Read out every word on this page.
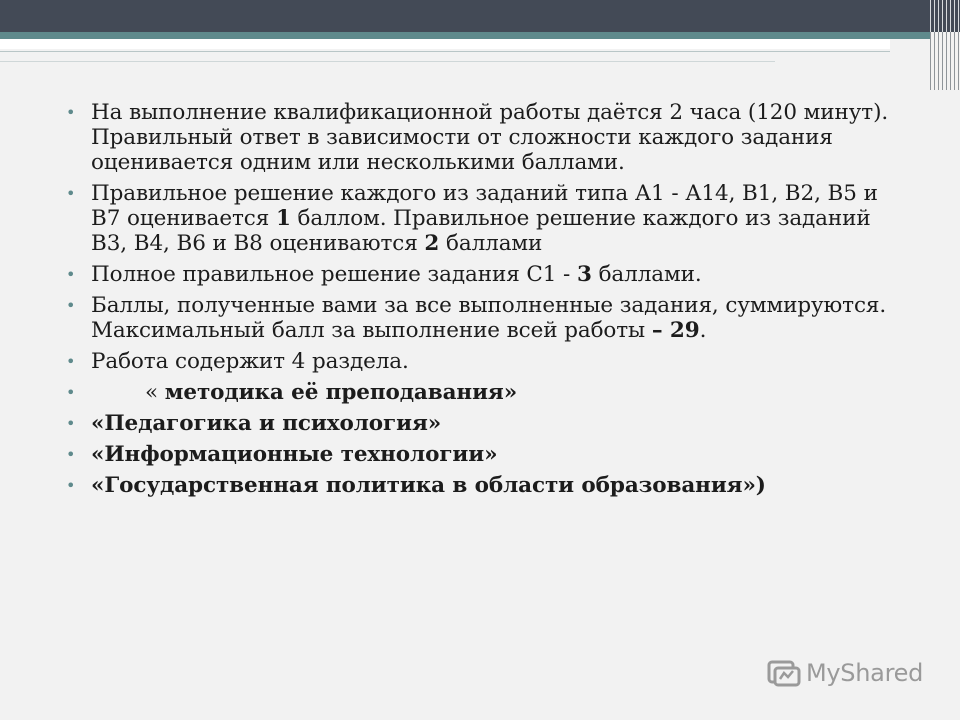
• На выполнение квалификационной работы даётся 2 часа (120 минут). Правильный ответ в зависимости от сложности каждого задания оценивается одним или несколькими баллами.
• Правильное решение каждого из заданий типа А1 - А14, В1, В2, В5 и В7 оценивается 1 баллом. Правильное решение каждого из заданий В3, В4, В6 и В8 оцениваются 2 баллами
• Полное правильное решение задания С1 - 3 баллами.
• Баллы, полученные вами за все выполненные задания, суммируются. Максимальный балл за выполнение всей работы – 29.
• Работа содержит 4 раздела.
•	« методика её преподавания»
• «Педагогика и психология»
• «Информационные технологии»
• «Государственная политика в области образования»)
MyShared
